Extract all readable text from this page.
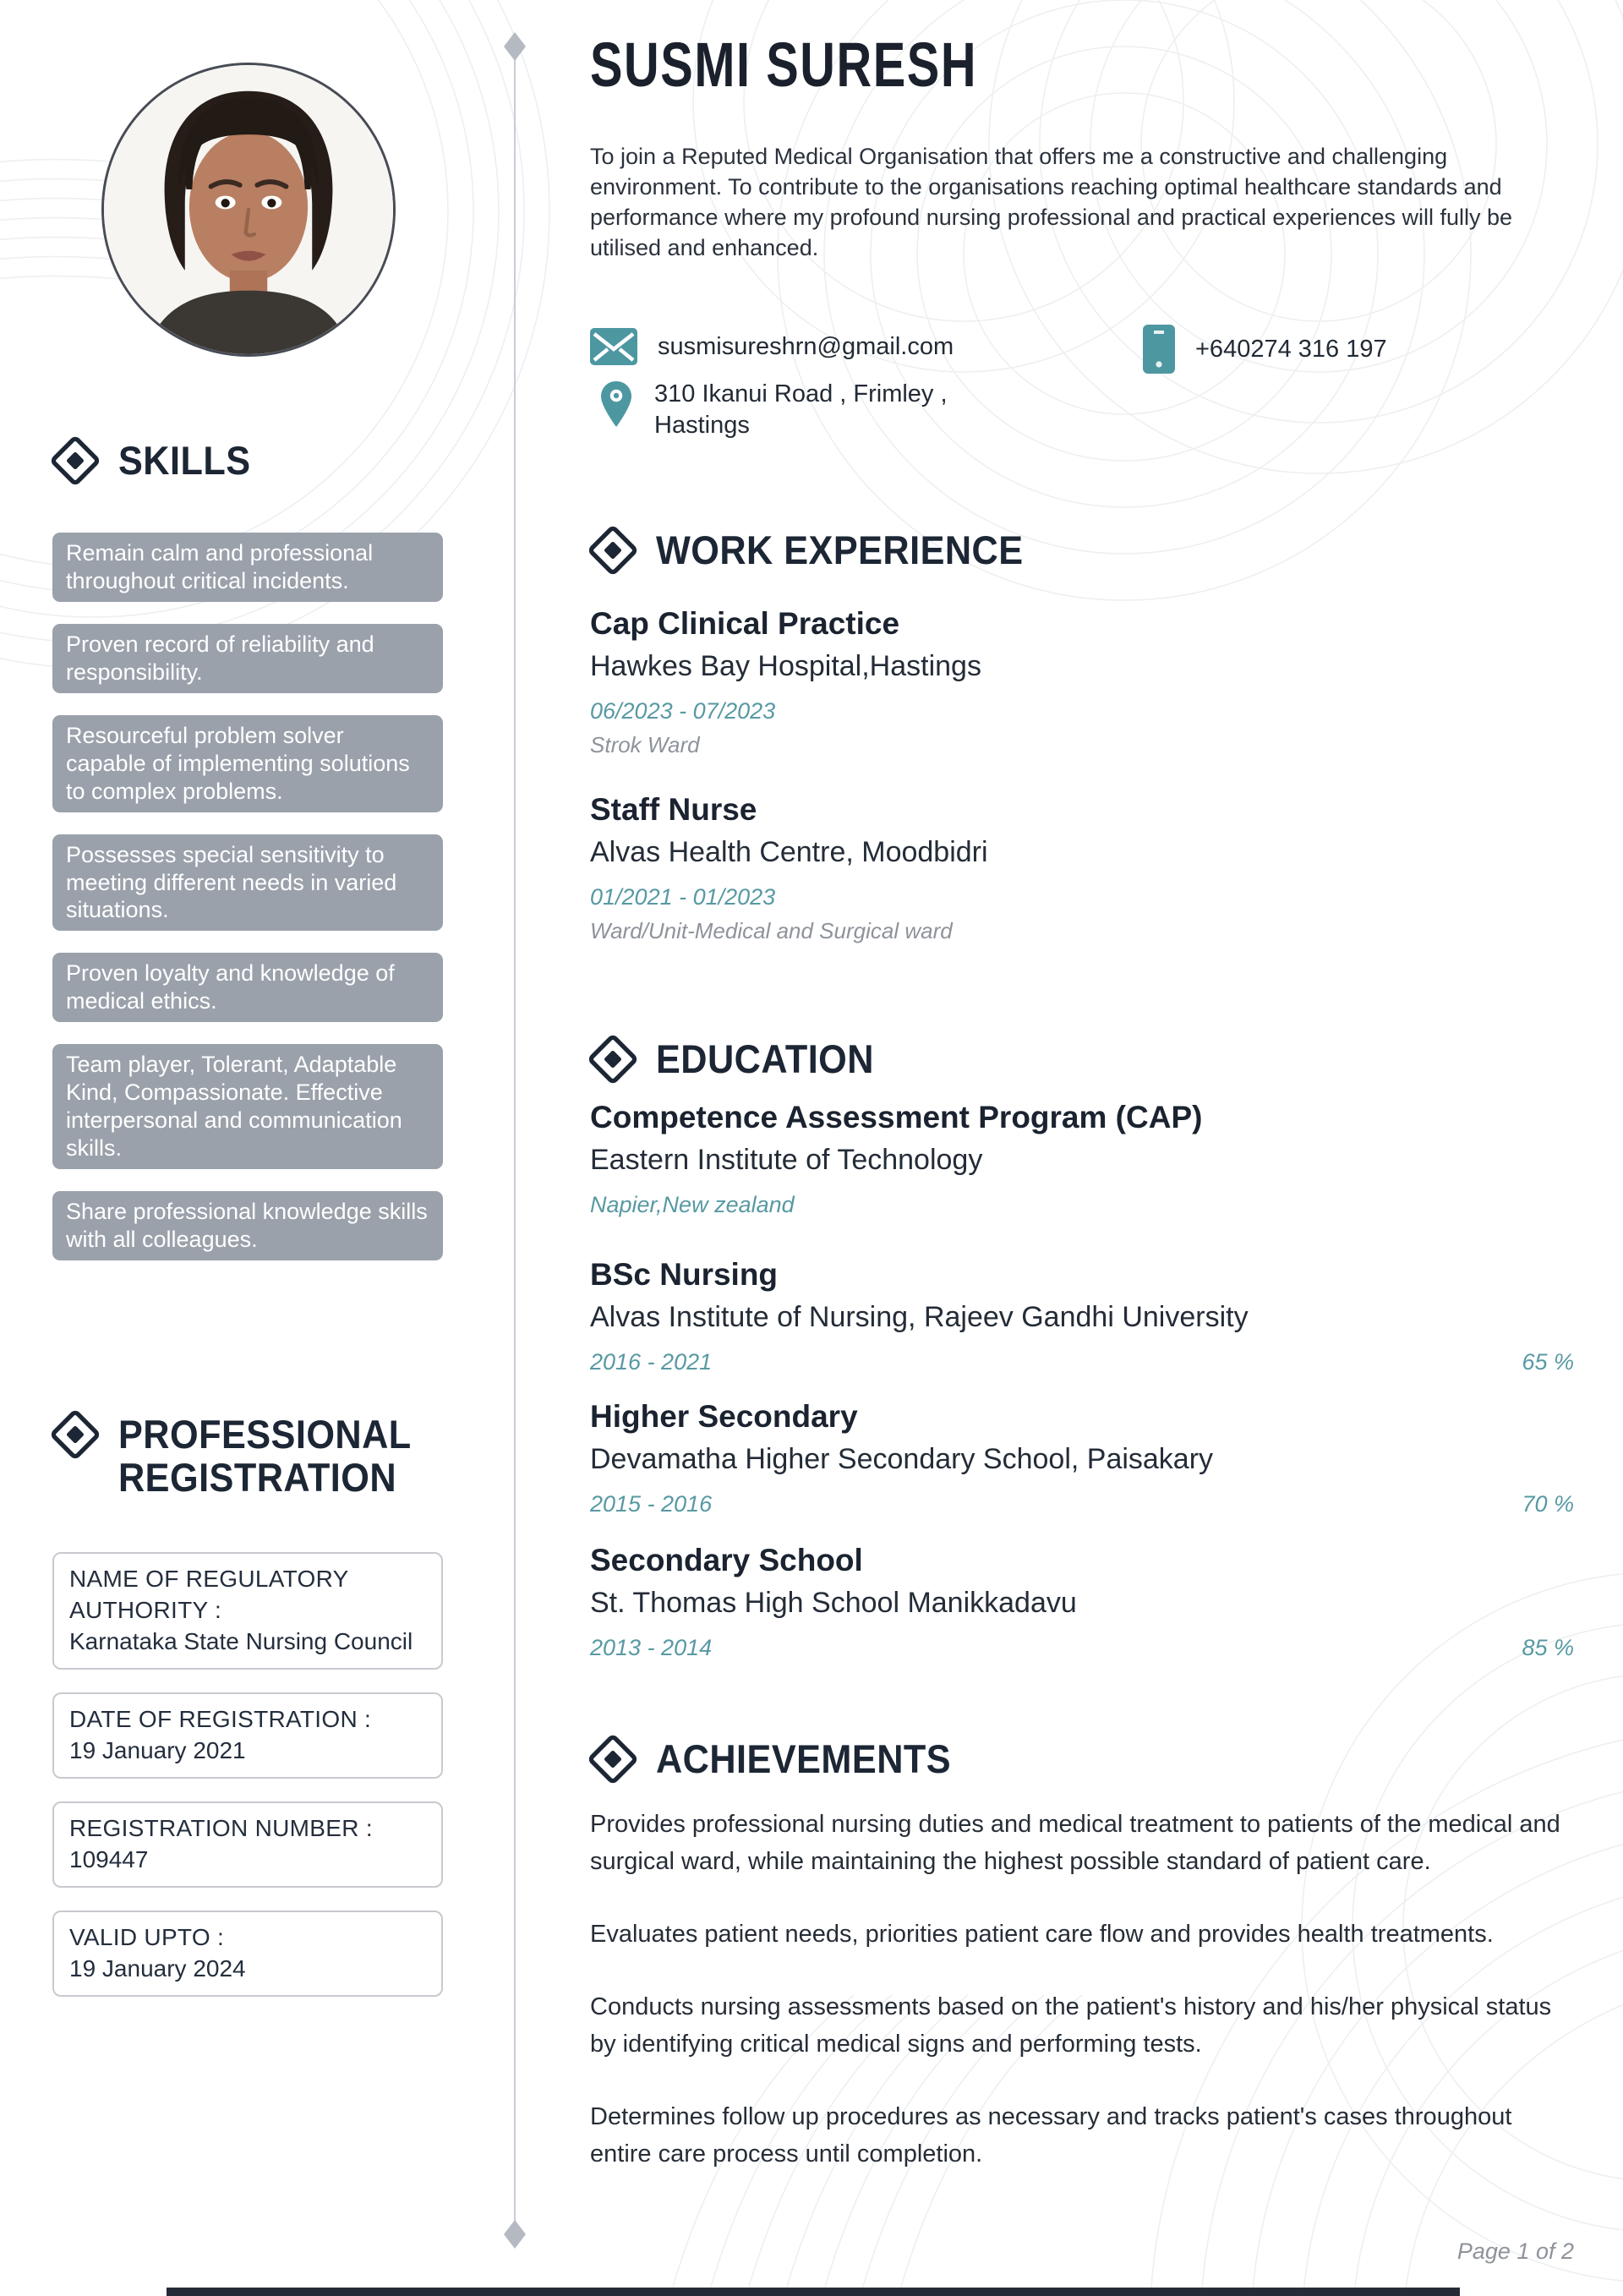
SKILLS
Remain calm and professional throughout critical incidents.
Proven record of reliability and responsibility.
Resourceful problem solver capable of implementing solutions to complex problems.
Possesses special sensitivity to meeting different needs in varied situations.
Proven loyalty and knowledge of medical ethics.
Team player, Tolerant, Adaptable Kind, Compassionate. Effective interpersonal and communication skills.
Share professional knowledge skills with all colleagues.
PROFESSIONAL REGISTRATION
NAME OF REGULATORY AUTHORITY :
Karnataka State Nursing Council
DATE OF REGISTRATION :
19 January 2021
REGISTRATION NUMBER :
109447
VALID UPTO :
19 January 2024
SUSMI SURESH
To join a Reputed Medical Organisation that offers me a constructive and challenging environment. To contribute to the organisations reaching optimal healthcare standards and performance where my profound nursing professional and practical experiences will fully be utilised and enhanced.
susmisureshrn@gmail.com	+640274 316 197
310 Ikanui Road , Frimley ,
Hastings
WORK EXPERIENCE
Cap Clinical Practice
Hawkes Bay Hospital,Hastings
06/2023 - 07/2023
Strok Ward
Staff Nurse
Alvas Health Centre, Moodbidri
01/2021 - 01/2023
Ward/Unit-Medical and Surgical ward
EDUCATION
Competence Assessment Program (CAP)
Eastern Institute of Technology
Napier,New zealand
BSc Nursing
Alvas Institute of Nursing, Rajeev Gandhi University
2016 - 2021	65 %
Higher Secondary
Devamatha Higher Secondary School, Paisakary
2015 - 2016	70 %
Secondary School
St. Thomas High School Manikkadavu
2013 - 2014	85 %
ACHIEVEMENTS

Provides professional nursing duties and medical treatment to patients of the medical and surgical ward, while maintaining the highest possible standard of patient care.

Evaluates patient needs, priorities patient care flow and provides health treatments.

Conducts nursing assessments based on the patient's history and his/her physical status by identifying critical medical signs and performing tests.

Determines follow up procedures as necessary and tracks patient's cases throughout entire care process until completion.

Page 1 of 2
